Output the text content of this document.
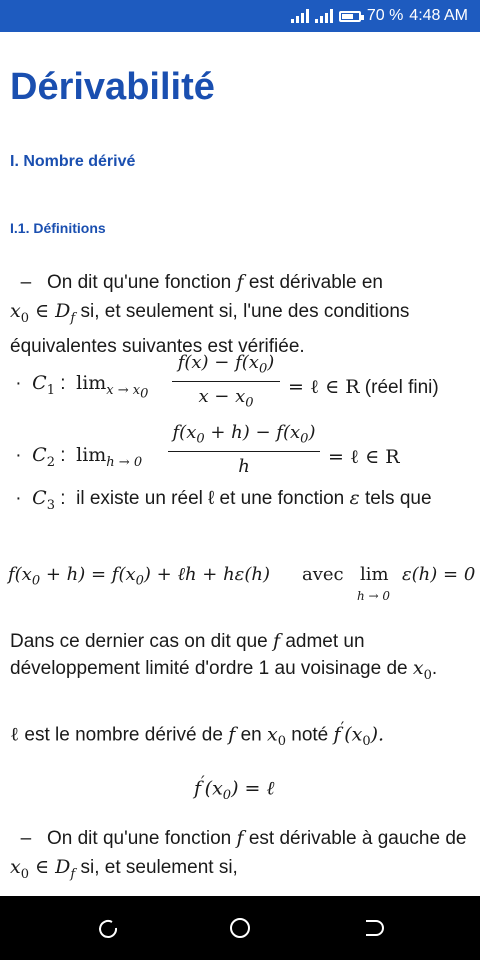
70 % 4:48 AM
Dérivabilité
I. Nombre dérivé
I.1. Définitions
– On dit qu'une fonction f est dérivable en
$x_0$ ∈ $D_f$ si, et seulement si, l'une des conditions équivalentes suivantes est vérifiée.
· $C_1$ : $\lim_{x \to x_0}$
$f(x) - f(x_0)$
$x - x_0$
= ℓ ∈ R (réel fini)
· $C_2$ : $\lim_{h \to 0}$
$f(x_0 + h) - f(x_0)$
h	= ℓ ∈ R
· $C_3$ : il existe un réel ℓ et une fonction ε tels que
$f(x_0 + h) = f(x_0)$ + ℓh + hε(h) avec lim
h → 0
ε(h) = 0
Dans ce dernier cas on dit que f admet un développement limité d'ordre 1 au voisinage de $x_0$.
ℓ est le nombre dérivé de f en $x_0$ noté $f'(x_0)$.
$f'(x_0)$ = ℓ
– On dit qu'une fonction f est dérivable à gauche de $x_0$ ∈ $D_f$ si, et seulement si,
